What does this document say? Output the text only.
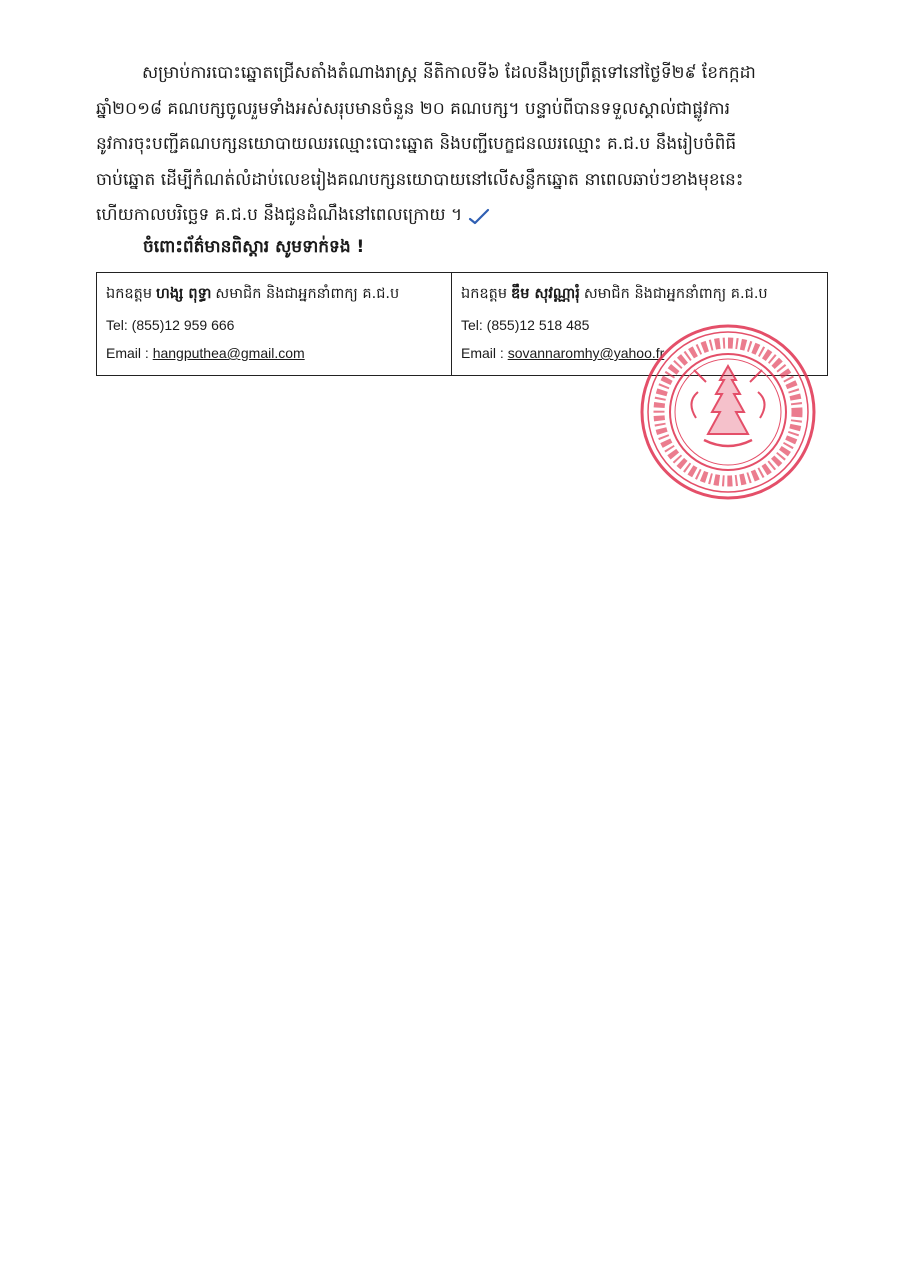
សម្រាប់ការបោះឆ្នោតជ្រើសតាំងតំណាងរាស្ត្រ នីតិកាលទី៦ ដែលនឹងប្រព្រឹត្តទៅនៅថ្ងៃទី២៩ ខែកក្កដា
ឆ្នាំ២០១៨ គណបក្សចូលរួមទាំងអស់សរុបមានចំនួន ២០ គណបក្ស។ បន្ទាប់ពីបានទទួលស្គាល់ជាផ្លូវការ
នូវការចុះបញ្ជីគណបក្សនយោបាយឈរឈ្មោះបោះឆ្នោត និងបញ្ជីបេក្ខជនឈរឈ្មោះ គ.ជ.ប នឹងរៀបចំពិធី
ចាប់ឆ្នោត ដើម្បីកំណត់លំដាប់លេខរៀងគណបក្សនយោបាយនៅលើសន្លឹកឆ្នោត នាពេលឆាប់ៗខាងមុខនេះ
ហើយកាលបរិច្ឆេទ គ.ជ.ប នឹងជូនដំណឹងនៅពេលក្រោយ ។
ចំពោះព័ត៌មានពិស្តារ សូមទាក់ទង !
ឯកឧត្តម ហង្ស ពុទ្ធា សមាជិក និងជាអ្នកនាំពាក្យ គ.ជ.ប
Tel: (855)12 959 666
Email : hangputhea@gmail.com
ឯកឧត្តម ឌឹម សុវណ្ណារុំ សមាជិក និងជាអ្នកនាំពាក្យ គ.ជ.ប
Tel: (855)12 518 485
Email : sovannaromhy@yahoo.fr
